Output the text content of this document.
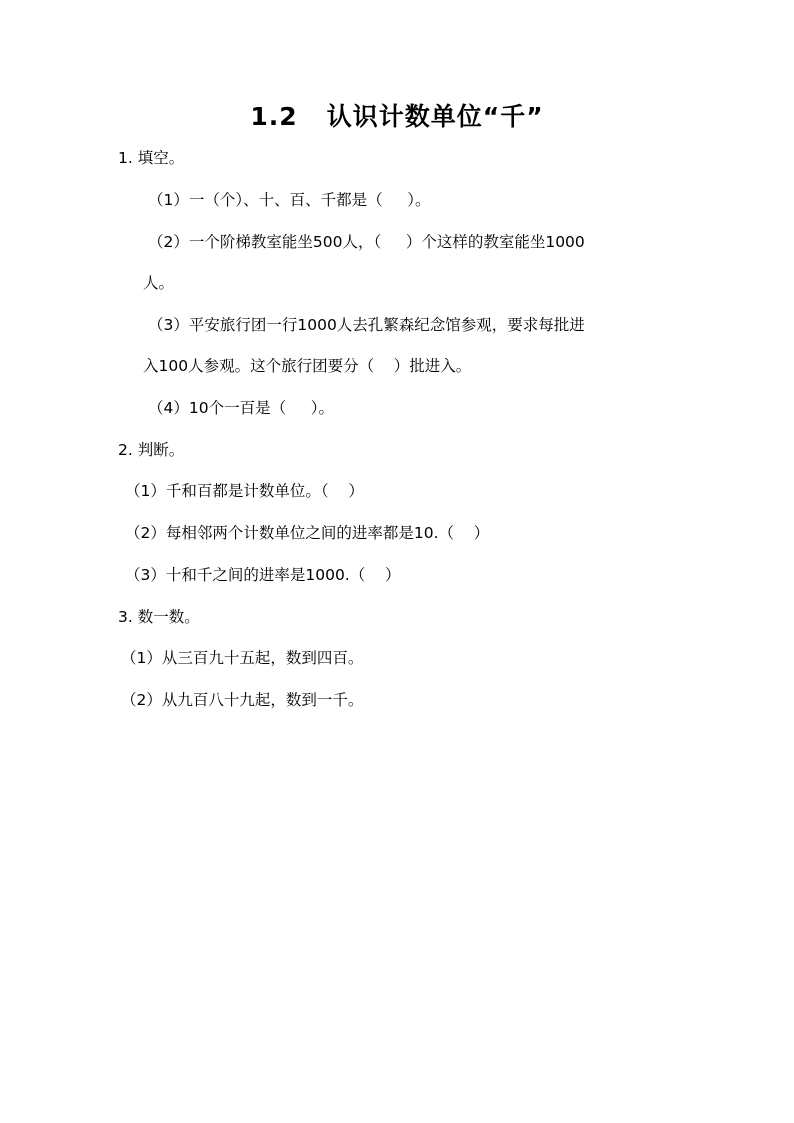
1.2   认识计数单位“千”
1. 填空。
（1）一（个）、十、百、千都是（     ）。
（2）一个阶梯教室能坐500人，（     ）个这样的教室能坐1000
人。
（3）平安旅行团一行1000人去孔繁森纪念馆参观，要求每批进
入100人参观。这个旅行团要分（    ）批进入。
（4）10个一百是（     ）。
2. 判断。
（1）千和百都是计数单位。（    ）
（2）每相邻两个计数单位之间的进率都是10.（    ）
（3）十和千之间的进率是1000.（    ）
3. 数一数。
（1）从三百九十五起，数到四百。
（2）从九百八十九起，数到一千。
